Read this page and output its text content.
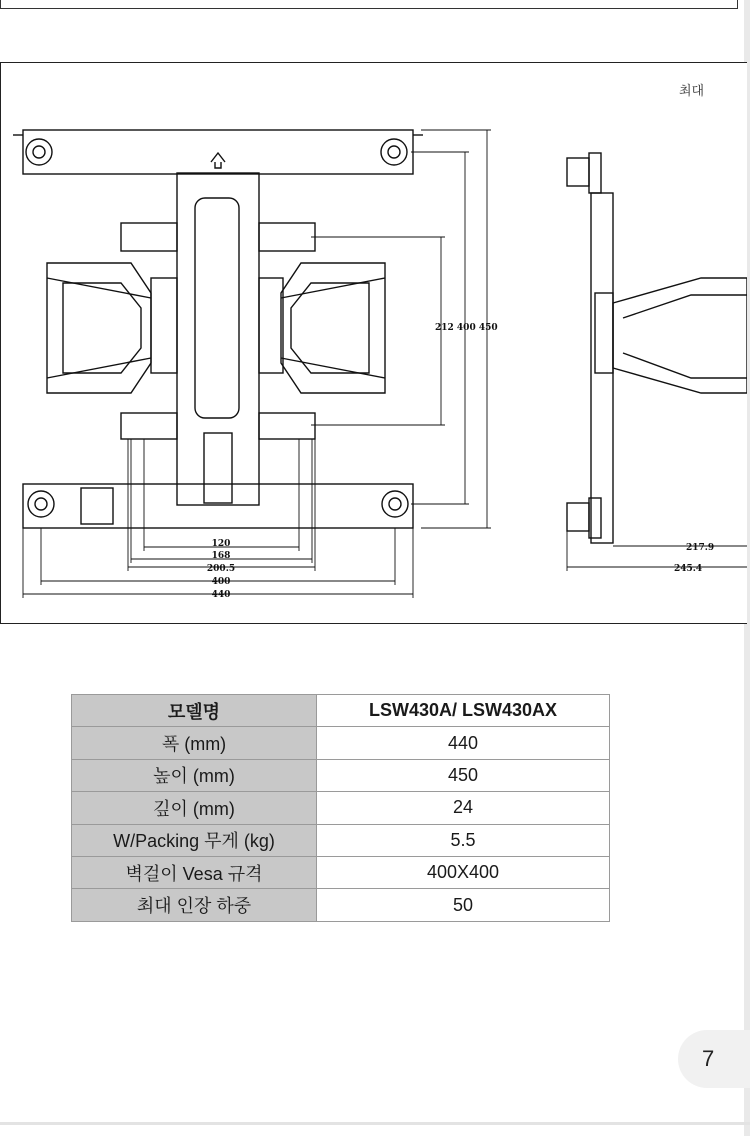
120
168
200.5
400
440
212 400 450
217.9
245.4
최대
모델명	LSW430A/ LSW430AX
폭 (mm)	440
높이 (mm)	450
깊이 (mm)	24
W/Packing 무게 (kg)	5.5
벽걸이 Vesa 규격	400X400
최대 인장 하중	50
7
